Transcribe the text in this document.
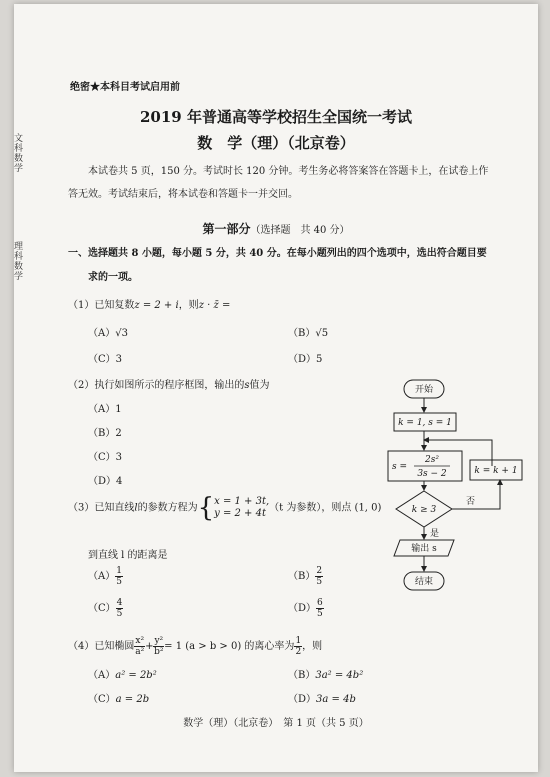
文科数学
理科数学
绝密★本科目考试启用前
2019 年普通高等学校招生全国统一考试
数　学（理）（北京卷）
本试卷共 5 页，150 分。考试时长 120 分钟。考生务必将答案答在答题卡上，在试卷上作
答无效。考试结束后，将本试卷和答题卡一并交回。
第一部分（选择题　共 40 分）
一、选择题共 8 小题，每小题 5 分，共 40 分。在每小题列出的四个选项中，选出符合题目要
求的一项。
（1）已知复数z = 2 + i，则z · z̄ =
（A）√3	（B）√5
（C）3	（D）5
（2）执行如图所示的程序框图，输出的s值为
（A）1
（B）2
（C）3
（D）4
（3）已知直线l的参数方程为{ x = 1 + 3t,
y = 2 + 4t （t 为参数），则点 (1, 0)
到直线 l 的距离是
$(A) \frac{1}{5}$	$(B) \frac{2}{5}$
$(C) \frac{4}{5}$	$(D) \frac{6}{5}$
（4）已知椭圆 $\frac{\text{x²}}{\text{a²}} + \frac{\text{y²}}{\text{b²}} = 1$ (a > b > 0) 的离心率为 $\frac{1}{2}$ ，则
（A）a² = 2b²	（B）3a² = 4b²
（C）a = 2b	（D）3a = 4b
数学（理）（北京卷）　第 1 页（共 5 页）
开始
k = 1, s = 1
s =
2s²
3s − 2
k ≥ 3
否
k = k + 1
是
输出 s
结束
